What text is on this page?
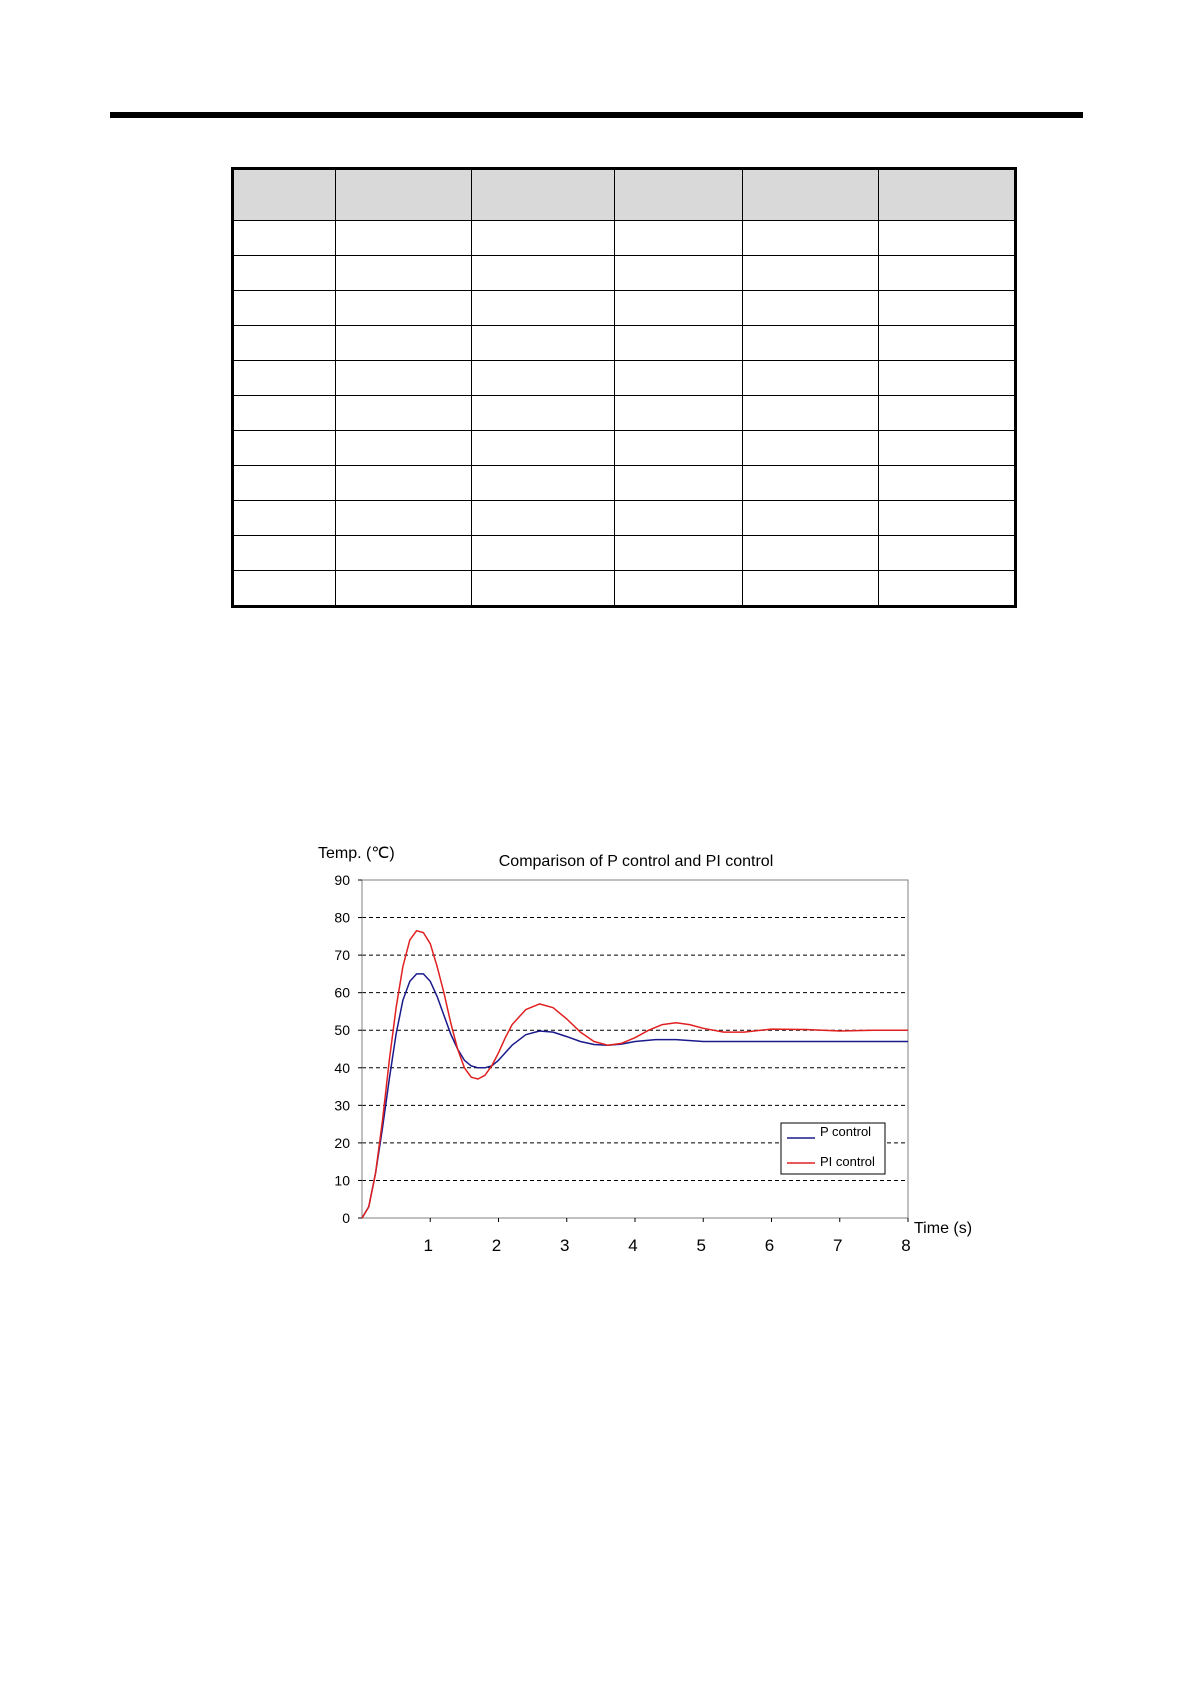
Temp. (℃)	Comparison of P control and PI control
Time (s)
0
10
20
30
40
50
60
70
80
90
1	2	3	4	5	6	7	8
P control
PI control
